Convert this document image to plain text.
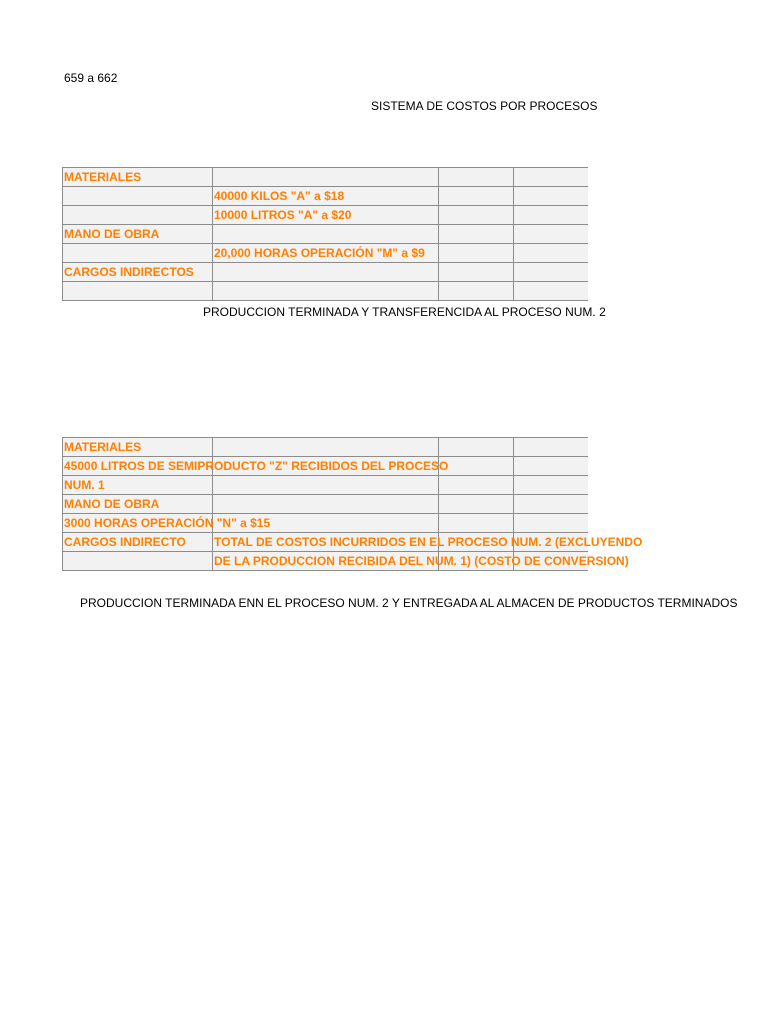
659 a 662
SISTEMA DE COSTOS POR PROCESOS
MATERIALES
40000 KILOS "A" a $18
10000 LITROS "A" a $20
MANO DE OBRA
20,000 HORAS OPERACIÓN "M" a $9
CARGOS INDIRECTOS
PRODUCCION TERMINADA Y TRANSFERENCIDA AL PROCESO NUM. 2
MATERIALES
45000 LITROS DE SEMIPRODUCTO "Z" RECIBIDOS DEL PROCESO
NUM. 1
MANO DE OBRA
3000 HORAS OPERACIÓN "N" a $15
CARGOS INDIRECTO TOTAL DE COSTOS INCURRIDOS EN EL PROCESO NUM. 2 (EXCLUYENDO
DE LA PRODUCCION RECIBIDA DEL NUM. 1) (COSTO DE CONVERSION)
PRODUCCION TERMINADA ENN EL PROCESO NUM. 2 Y ENTREGADA AL ALMACEN DE PRODUCTOS TERMINADOS
